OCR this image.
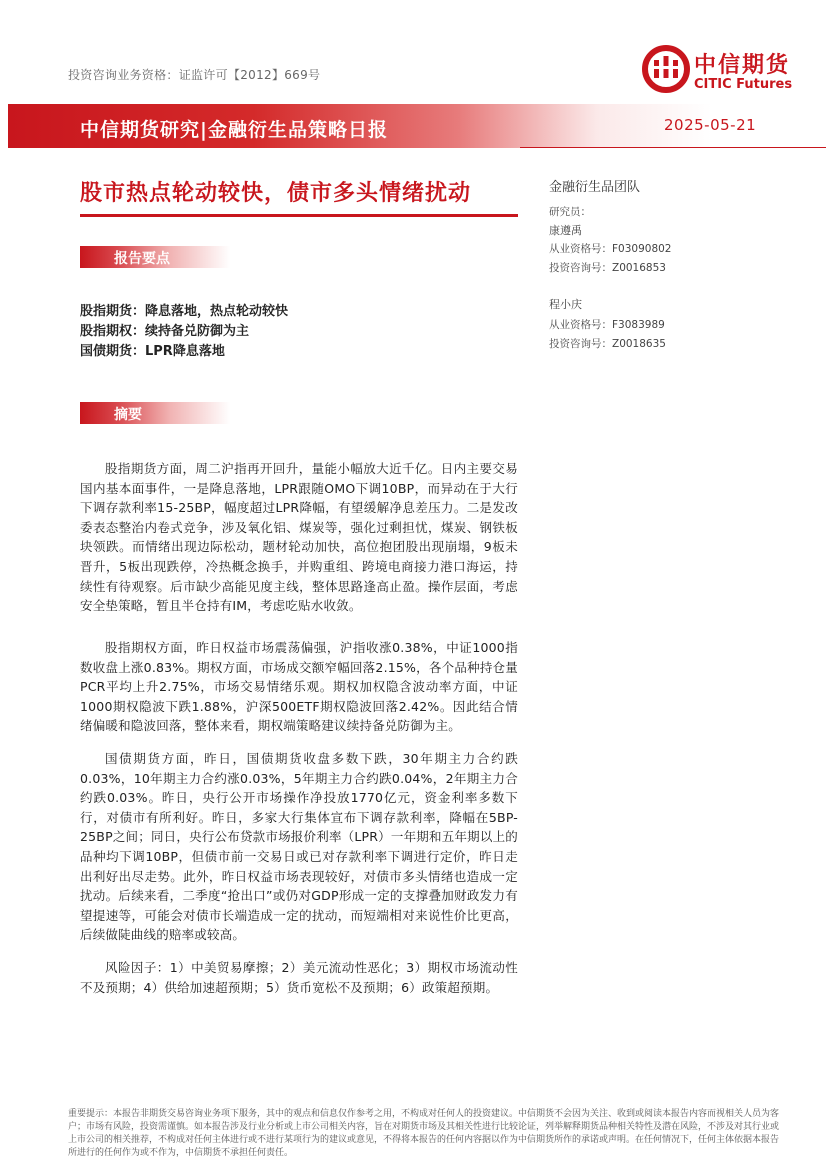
投资咨询业务资格：证监许可【2012】669号	中信期货
CITIC Futures
中信期货研究|金融衍生品策略日报	2025-05-21
股市热点轮动较快，债市多头情绪扰动
报告要点
股指期货：降息落地，热点轮动较快
股指期权：续持备兑防御为主
国债期货：LPR降息落地
摘要

股指期货方面，周二沪指再开回升，量能小幅放大近千亿。日内主要交易国内基本面事件，一是降息落地，LPR跟随OMO下调10BP，而异动在于大行下调存款利率15-25BP，幅度超过LPR降幅，有望缓解净息差压力。二是发改委表态整治内卷式竞争，涉及氧化铝、煤炭等，强化过剩担忧，煤炭、钢铁板块领跌。而情绪出现边际松动，题材轮动加快，高位抱团股出现崩塌，9板未晋升，5板出现跌停，冷热概念换手，并购重组、跨境电商接力港口海运，持续性有待观察。后市缺少高能见度主线，整体思路逢高止盈。操作层面，考虑安全垫策略，暂且半仓持有IM，考虑吃贴水收敛。

股指期权方面，昨日权益市场震荡偏强，沪指收涨0.38%，中证1000指数收盘上涨0.83%。期权方面，市场成交额窄幅回落2.15%，各个品种持仓量PCR平均上升2.75%，市场交易情绪乐观。期权加权隐含波动率方面，中证1000期权隐波下跌1.88%，沪深500ETF期权隐波回落2.42%。因此结合情绪偏暖和隐波回落，整体来看，期权端策略建议续持备兑防御为主。

国债期货方面，昨日，国债期货收盘多数下跌，30年期主力合约跌0.03%，10年期主力合约涨0.03%，5年期主力合约跌0.04%，2年期主力合约跌0.03%。昨日，央行公开市场操作净投放1770亿元，资金利率多数下行，对债市有所利好。昨日，多家大行集体宣布下调存款利率，降幅在5BP-25BP之间；同日，央行公布贷款市场报价利率（LPR）一年期和五年期以上的品种均下调10BP，但债市前一交易日或已对存款利率下调进行定价，昨日走出利好出尽走势。此外，昨日权益市场表现较好，对债市多头情绪也造成一定扰动。后续来看，二季度“抢出口”或仍对GDP形成一定的支撑叠加财政发力有望提速等，可能会对债市长端造成一定的扰动，而短端相对来说性价比更高，后续做陡曲线的赔率或较高。

风险因子：1）中美贸易摩擦；2）美元流动性恶化；3）期权市场流动性不及预期；4）供给加速超预期；5）货币宽松不及预期；6）政策超预期。

金融衍生品团队
研究员：
康遵禹
从业资格号：F03090802
投资咨询号：Z0016853
程小庆
从业资格号：F3083989
投资咨询号：Z0018635

重要提示：本报告非期货交易咨询业务项下服务，其中的观点和信息仅作参考之用，不构成对任何人的投资建议。中信期货不会因为关注、收到或阅读本报告内容而视相关人员为客户；市场有风险，投资需谨慎。如本报告涉及行业分析或上市公司相关内容，旨在对期货市场及其相关性进行比较论证，列举解释期货品种相关特性及潜在风险，不涉及对其行业或上市公司的相关推荐，不构成对任何主体进行或不进行某项行为的建议或意见，不得将本报告的任何内容据以作为中信期货所作的承诺或声明。在任何情况下，任何主体依据本报告所进行的任何作为或不作为，中信期货不承担任何责任。
